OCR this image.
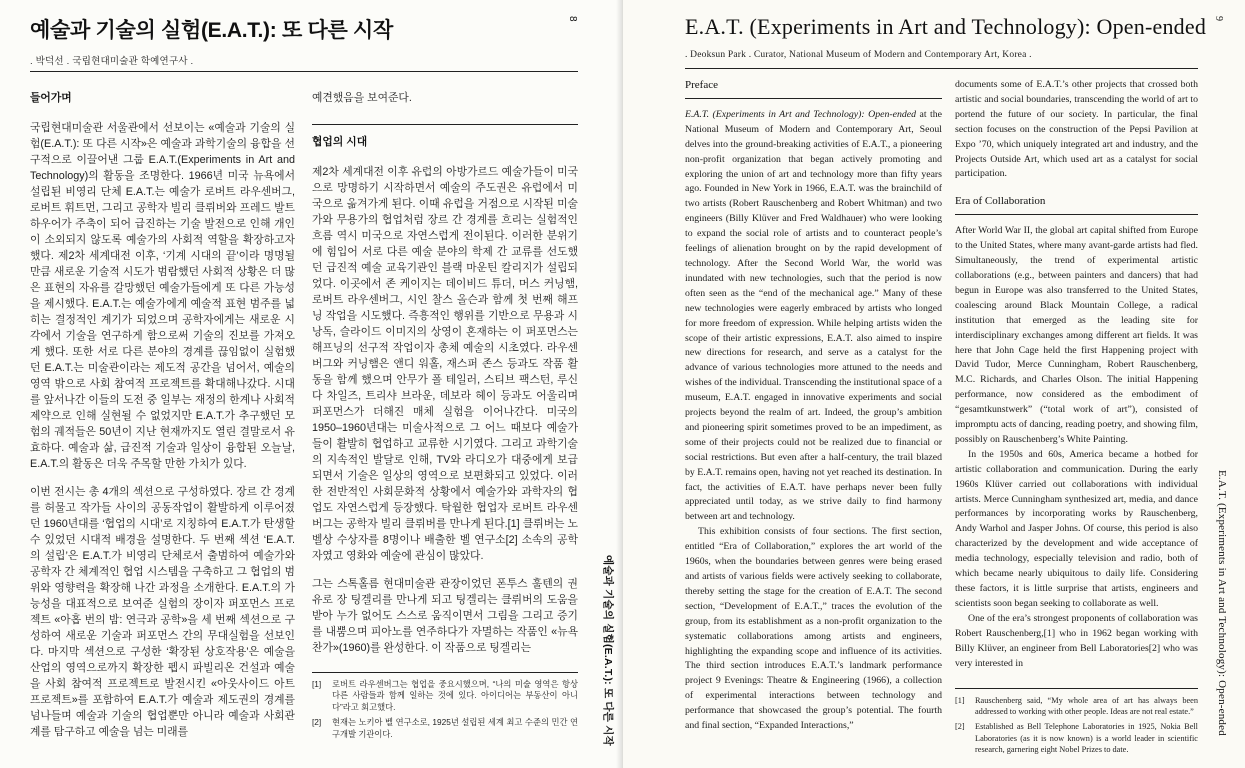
예술과 기술의 실험(E.A.T.): 또 다른 시작
. 박덕선 . 국립현대미술관 학예연구사 .
8
들어가며

국립현대미술관 서울관에서 선보이는 «예술과 기술의 실험(E.A.T.): 또 다른 시작»은 예술과 과학기술의 융합을 선구적으로 이끌어낸 그룹 E.A.T.(Experiments in Art and Technology)의 활동을 조명한다. 1966년 미국 뉴욕에서 설립된 비영리 단체 E.A.T.는 예술가 로버트 라우센버그, 로버트 휘트먼, 그리고 공학자 빌리 클뤼버와 프레드 발트하우어가 주축이 되어 급진하는 기술 발전으로 인해 개인이 소외되지 않도록 예술가의 사회적 역할을 확장하고자 했다. 제2차 세계대전 이후, ‘기계 시대의 끝’이라 명명될 만큼 새로운 기술적 시도가 범람했던 사회적 상황은 더 많은 표현의 자유를 갈망했던 예술가들에게 또 다른 가능성을 제시했다. E.A.T.는 예술가에게 예술적 표현 범주를 넓히는 결정적인 계기가 되었으며 공학자에게는 새로운 시각에서 기술을 연구하게 함으로써 기술의 진보를 가져오게 했다. 또한 서로 다른 분야의 경계를 끊임없이 실험했던 E.A.T.는 미술관이라는 제도적 공간을 넘어서, 예술의 영역 밖으로 사회 참여적 프로젝트를 확대해나갔다. 시대를 앞서나간 이들의 도전 중 일부는 재정의 한계나 사회적 제약으로 인해 실현될 수 없었지만 E.A.T.가 추구했던 모험의 궤적들은 50년이 지난 현재까지도 열린 결말로서 유효하다. 예술과 삶, 급진적 기술과 일상이 융합된 오늘날, E.A.T.의 활동은 더욱 주목할 만한 가치가 있다.

이번 전시는 총 4개의 섹션으로 구성하였다. 장르 간 경계를 허물고 작가들 사이의 공동작업이 활발하게 이루어졌던 1960년대를 ‘협업의 시대’로 지칭하여 E.A.T.가 탄생할 수 있었던 시대적 배경을 설명한다. 두 번째 섹션 ‘E.A.T.의 설립’은 E.A.T.가 비영리 단체로서 출범하여 예술가와 공학자 간 체계적인 협업 시스템을 구축하고 그 협업의 범위와 영향력을 확장해 나간 과정을 소개한다. E.A.T.의 가능성을 대표적으로 보여준 실험의 장이자 퍼포먼스 프로젝트 «아홉 번의 밤: 연극과 공학»을 세 번째 섹션으로 구성하여 새로운 기술과 퍼포먼스 간의 무대실험을 선보인다. 마지막 섹션으로 구성한 ‘확장된 상호작용’은 예술을 산업의 영역으로까지 확장한 펩시 파빌리온 건설과 예술을 사회 참여적 프로젝트로 발전시킨 «아웃사이드 아트 프로젝트»를 포함하여 E.A.T.가 예술과 제도권의 경계를 넘나들며 예술과 기술의 협업뿐만 아니라 예술과 사회관계를 탐구하고 예술을 넘는 미래를

예견했음을 보여준다.

협업의 시대

제2차 세계대전 이후 유럽의 아방가르드 예술가들이 미국으로 망명하기 시작하면서 예술의 주도권은 유럽에서 미국으로 옮겨가게 된다. 이때 유럽을 거점으로 시작된 미술가와 무용가의 협업처럼 장르 간 경계를 흐리는 실험적인 흐름 역시 미국으로 자연스럽게 전이된다. 이러한 분위기에 힘입어 서로 다른 예술 분야의 학제 간 교류를 선도했던 급진적 예술 교육기관인 블랙 마운틴 칼리지가 설립되었다. 이곳에서 존 케이지는 데이비드 튜더, 머스 커닝햄, 로버트 라우센버그, 시인 찰스 올슨과 함께 첫 번째 해프닝 작업을 시도했다. 즉흥적인 행위를 기반으로 무용과 시 낭독, 슬라이드 이미지의 상영이 혼재하는 이 퍼포먼스는 해프닝의 선구적 작업이자 총체 예술의 시초였다. 라우센버그와 커닝햄은 앤디 워홀, 재스퍼 존스 등과도 작품 활동을 함께 했으며 안무가 폴 테일러, 스티브 팩스턴, 루신다 차일즈, 트리샤 브라운, 데보라 헤이 등과도 어울리며 퍼포먼스가 더해진 매체 실험을 이어나간다. 미국의 1950–1960년대는 미술사적으로 그 어느 때보다 예술가들이 활발히 협업하고 교류한 시기였다. 그리고 과학기술의 지속적인 발달로 인해, TV와 라디오가 대중에게 보급되면서 기술은 일상의 영역으로 보편화되고 있었다. 이러한 전반적인 사회문화적 상황에서 예술가와 과학자의 협업도 자연스럽게 등장했다. 탁월한 협업자 로버트 라우센버그는 공학자 빌리 클뤼버를 만나게 된다.[1] 클뤼버는 노벨상 수상자를 8명이나 배출한 벨 연구소[2] 소속의 공학자였고 영화와 예술에 관심이 많았다.

그는 스톡홀름 현대미술관 관장이었던 폰투스 훌텐의 권유로 장 팅겔리를 만나게 되고 팅겔리는 클뤼버의 도움을 받아 누가 없어도 스스로 움직이면서 그림을 그리고 증기를 내뿜으며 피아노를 연주하다가 자멸하는 작품인 «뉴욕 찬가»(1960)를 완성한다. 이 작품으로 팅겔리는

[1]	로버트 라우센버그는 협업을 중요시했으며, “나의 미술 영역은 항상 다른 사람들과 함께 일하는 것에 있다. 아이디어는 부동산이 아니다”라고 회고했다.
[2]	현재는 노키아 벨 연구소로, 1925년 설립된 세계 최고 수준의 민간 연구개발 기관이다.	예술과 기술의 실험(E.A.T.): 또 다른 시작
E.A.T. (Experiments in Art and Technology): Open-ended
. Deoksun Park . Curator, National Museum of Modern and Contemporary Art, Korea .
9
Preface

E.A.T. (Experiments in Art and Technology): Open-ended at the National Museum of Modern and Contemporary Art, Seoul delves into the ground-breaking activities of E.A.T., a pioneering non-profit organization that began actively promoting and exploring the union of art and technology more than fifty years ago. Founded in New York in 1966, E.A.T. was the brainchild of two artists (Robert Rauschenberg and Robert Whitman) and two engineers (Billy Klüver and Fred Waldhauer) who were looking to expand the social role of artists and to counteract people’s feelings of alienation brought on by the rapid development of technology. After the Second World War, the world was inundated with new technologies, such that the period is now often seen as the “end of the mechanical age.” Many of these new technologies were eagerly embraced by artists who longed for more freedom of expression. While helping artists widen the scope of their artistic expressions, E.A.T. also aimed to inspire new directions for research, and serve as a catalyst for the advance of various technologies more attuned to the needs and wishes of the individual. Transcending the institutional space of a museum, E.A.T. engaged in innovative experiments and social projects beyond the realm of art. Indeed, the group’s ambition and pioneering spirit sometimes proved to be an impediment, as some of their projects could not be realized due to financial or social restrictions. But even after a half-century, the trail blazed by E.A.T. remains open, having not yet reached its destination. In fact, the activities of E.A.T. have perhaps never been fully appreciated until today, as we strive daily to find harmony between art and technology.

This exhibition consists of four sections. The first section, entitled “Era of Collaboration,” explores the art world of the 1960s, when the boundaries between genres were being erased and artists of various fields were actively seeking to collaborate, thereby setting the stage for the creation of E.A.T. The second section, “Development of E.A.T.,” traces the evolution of the group, from its establishment as a non-profit organization to the systematic collaborations among artists and engineers, highlighting the expanding scope and influence of its activities. The third section introduces E.A.T.’s landmark performance project 9 Evenings: Theatre & Engineering (1966), a collection of experimental interactions between technology and performance that showcased the group’s potential. The fourth and final section, “Expanded Interactions,”

documents some of E.A.T.’s other projects that crossed both artistic and social boundaries, transcending the world of art to portend the future of our society. In particular, the final section focuses on the construction of the Pepsi Pavilion at Expo ’70, which uniquely integrated art and industry, and the Projects Outside Art, which used art as a catalyst for social participation.

Era of Collaboration

After World War II, the global art capital shifted from Europe to the United States, where many avant-garde artists had fled. Simultaneously, the trend of experimental artistic collaborations (e.g., between painters and dancers) that had begun in Europe was also transferred to the United States, coalescing around Black Mountain College, a radical institution that emerged as the leading site for interdisciplinary exchanges among different art fields. It was here that John Cage held the first Happening project with David Tudor, Merce Cunningham, Robert Rauschenberg, M.C. Richards, and Charles Olson. The initial Happening performance, now considered as the embodiment of “gesamtkunstwerk” (“total work of art”), consisted of impromptu acts of dancing, reading poetry, and showing film, possibly on Rauschenberg’s White Painting.

In the 1950s and 60s, America became a hotbed for artistic collaboration and communication. During the early 1960s Klüver carried out collaborations with individual artists. Merce Cunningham synthesized art, media, and dance performances by incorporating works by Rauschenberg, Andy Warhol and Jasper Johns. Of course, this period is also characterized by the development and wide acceptance of media technology, especially television and radio, both of which became nearly ubiquitous to daily life. Considering these factors, it is little surprise that artists, engineers and scientists soon began seeking to collaborate as well.

One of the era’s strongest proponents of collaboration was Robert Rauschenberg,[1] who in 1962 began working with Billy Klüver, an engineer from Bell Laboratories[2] who was very interested in

[1]	Rauschenberg said, “My whole area of art has always been addressed to working with other people. Ideas are not real estate.”
[2]	Established as Bell Telephone Laboratories in 1925, Nokia Bell Laboratories (as it is now known) is a world leader in scientific research, garnering eight Nobel Prizes to date.
E.A.T. (Experiments in Art and Technology): Open-ended
